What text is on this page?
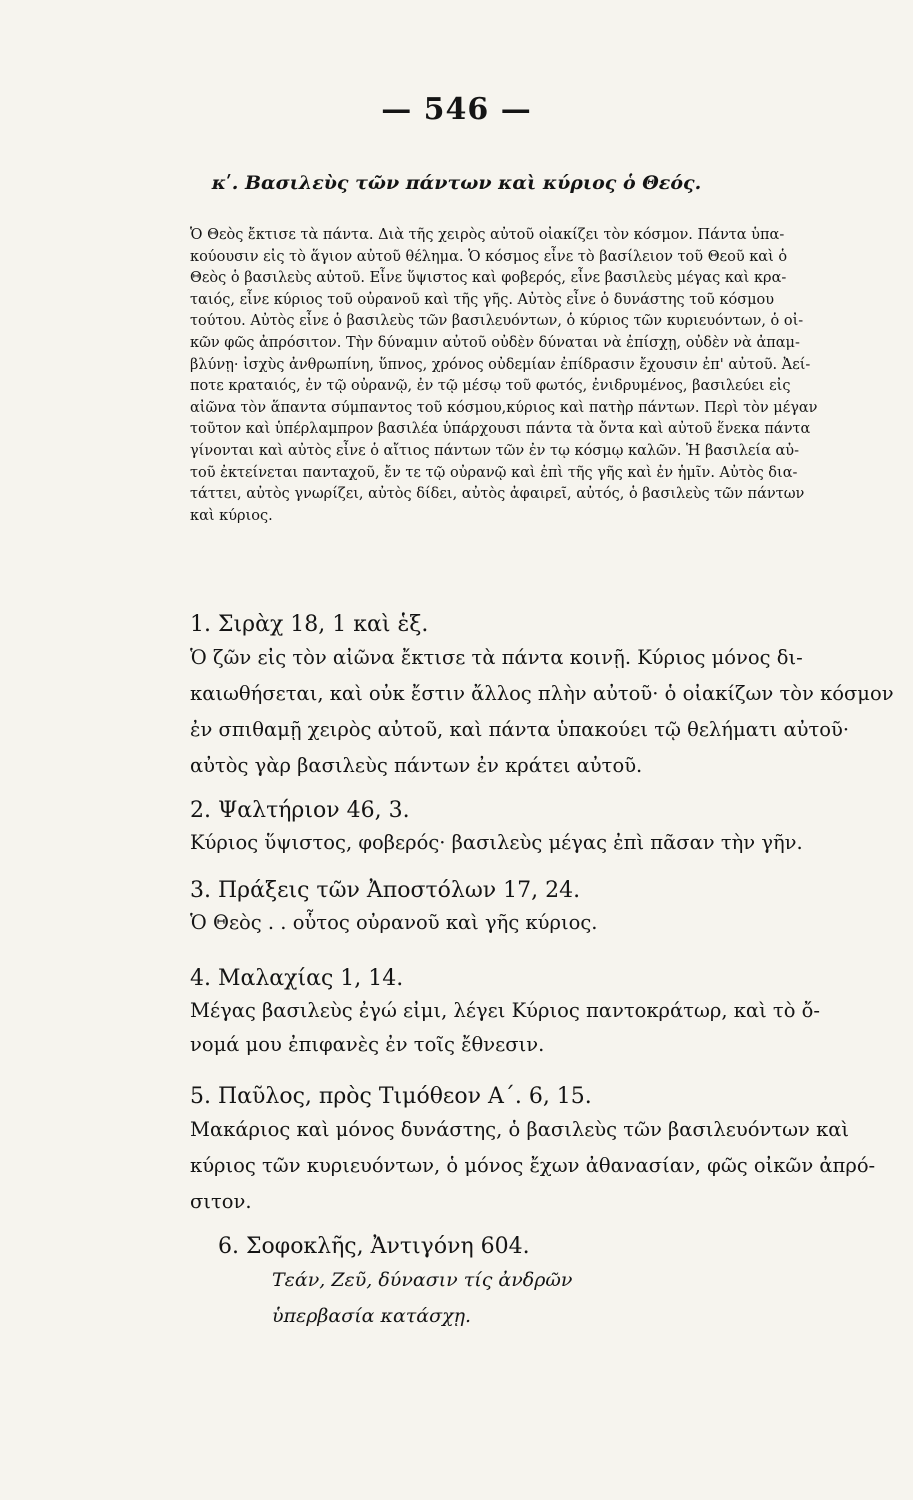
— 546 —
κʹ. Βασιλεὺς τῶν πάντων καὶ κύριος ὁ Θεός.
Ὁ Θεὸς ἔκτισε τὰ πάντα. Διὰ τῆς χειρὸς αὐτοῦ οἰακίζει τὸν κόσμον. Πάντα ὑπα-
κούουσιν εἰς τὸ ἅγιον αὐτοῦ θέλημα. Ὁ κόσμος εἶνε τὸ βασίλειον τοῦ Θεοῦ καὶ ὁ
Θεὸς ὁ βασιλεὺς αὐτοῦ. Εἶνε ὕψιστος καὶ φοβερός, εἶνε βασιλεὺς μέγας καὶ κρα-
ταιός, εἶνε κύριος τοῦ οὐρανοῦ καὶ τῆς γῆς. Αὐτὸς εἶνε ὁ δυνάστης τοῦ κόσμου
τούτου. Αὐτὸς εἶνε ὁ βασιλεὺς τῶν βασιλευόντων, ὁ κύριος τῶν κυριευόντων, ὁ οἰ-
κῶν φῶς ἀπρόσιτον. Τὴν δύναμιν αὐτοῦ οὐδὲν δύναται νὰ ἐπίσχῃ, οὐδὲν νὰ ἀπαμ-
βλύνῃ· ἰσχὺς ἀνθρωπίνη, ὕπνος, χρόνος οὐδεμίαν ἐπίδρασιν ἔχουσιν ἐπ' αὐτοῦ. Ἀεί-
ποτε κραταιός, ἐν τῷ οὐρανῷ, ἐν τῷ μέσῳ τοῦ φωτός, ἐνιδρυμένος, βασιλεύει εἰς
αἰῶνα τὸν ἅπαντα σύμπαντος τοῦ κόσμου,κύριος καὶ πατὴρ πάντων. Περὶ τὸν μέγαν
τοῦτον καὶ ὑπέρλαμπρον βασιλέα ὑπάρχουσι πάντα τὰ ὄντα καὶ αὐτοῦ ἕνεκα πάντα
γίνονται καὶ αὐτὸς εἶνε ὁ αἴτιος πάντων τῶν ἐν τῳ κόσμῳ καλῶν. Ἡ βασιλεία αὐ-
τοῦ ἐκτείνεται πανταχοῦ, ἔν τε τῷ οὐρανῷ καὶ ἐπὶ τῆς γῆς καὶ ἐν ἡμῖν. Αὐτὸς δια-
τάττει, αὐτὸς γνωρίζει, αὐτὸς δίδει, αὐτὸς ἀφαιρεῖ, αὐτός, ὁ βασιλεὺς τῶν πάντων
καὶ κύριος.
1. Σιρὰχ 18, 1 καὶ ἑξ.
Ὁ ζῶν εἰς τὸν αἰῶνα ἔκτισε τὰ πάντα κοινῇ. Κύριος μόνος δι-
καιωθήσεται, καὶ οὐκ ἔστιν ἄλλος πλὴν αὐτοῦ· ὁ οἰακίζων τὸν κόσμον
ἐν σπιθαμῇ χειρὸς αὐτοῦ, καὶ πάντα ὑπακούει τῷ θελήματι αὐτοῦ·
αὐτὸς γὰρ βασιλεὺς πάντων ἐν κράτει αὐτοῦ.
2. Ψαλτήριον 46, 3.
Κύριος ὕψιστος, φοβερός· βασιλεὺς μέγας ἐπὶ πᾶσαν τὴν γῆν.
3. Πράξεις τῶν Ἀποστόλων 17, 24.
Ὁ Θεὸς . . οὗτος οὐρανοῦ καὶ γῆς κύριος.
4. Μαλαχίας 1, 14.
Μέγας βασιλεὺς ἐγώ εἰμι, λέγει Κύριος παντοκράτωρ, καὶ τὸ ὄ-
νομά μου ἐπιφανὲς ἐν τοῖς ἔθνεσιν.
5. Παῦλος, πρὸς Τιμόθεον Α΄. 6, 15.
Μακάριος καὶ μόνος δυνάστης, ὁ βασιλεὺς τῶν βασιλευόντων καὶ
κύριος τῶν κυριευόντων, ὁ μόνος ἔχων ἀθανασίαν, φῶς οἰκῶν ἀπρό-
σιτον.
6. Σοφοκλῆς, Ἀντιγόνη 604.
Τεάν, Ζεῦ, δύνασιν τίς ἀνδρῶν
ὑπερβασία κατάσχῃ.
